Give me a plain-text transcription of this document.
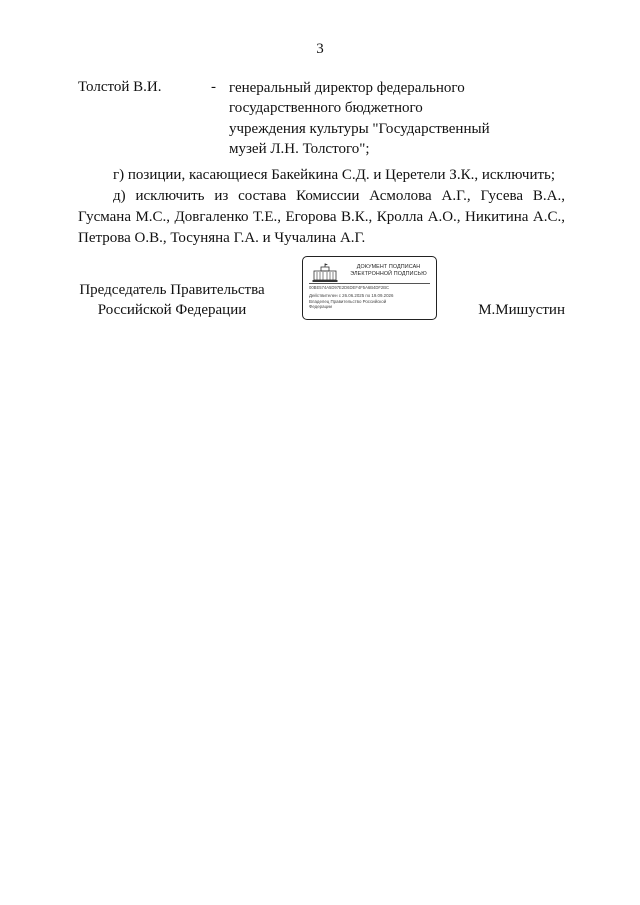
3
Толстой В.И.	- генеральный директор федерального
государственного бюджетного
учреждения культуры "Государственный
музей Л.Н. Толстого";
г) позиции, касающиеся Бакейкина С.Д. и Церетели З.К., исключить;
д) исключить из состава Комиссии Асмолова А.Г., Гусева В.А.,
Гусмана М.С., Довгаленко Т.Е., Егорова В.К., Кролла А.О., Никитина А.С.,
Петрова О.В., Тосуняна Г.А. и Чучалина А.Г.
Председатель Правительства
Российской Федерации
ДОКУМЕНТ ПОДПИСАН
ЭЛЕКТРОННОЙ ПОДПИСЬЮ
00BE574A5D97E2D6DEF4F5A6B4DF2BC
Действителен с 26.06.2025 по 19.09.2026
Владелец Правительство Российской
Федерации	М.Мишустин
